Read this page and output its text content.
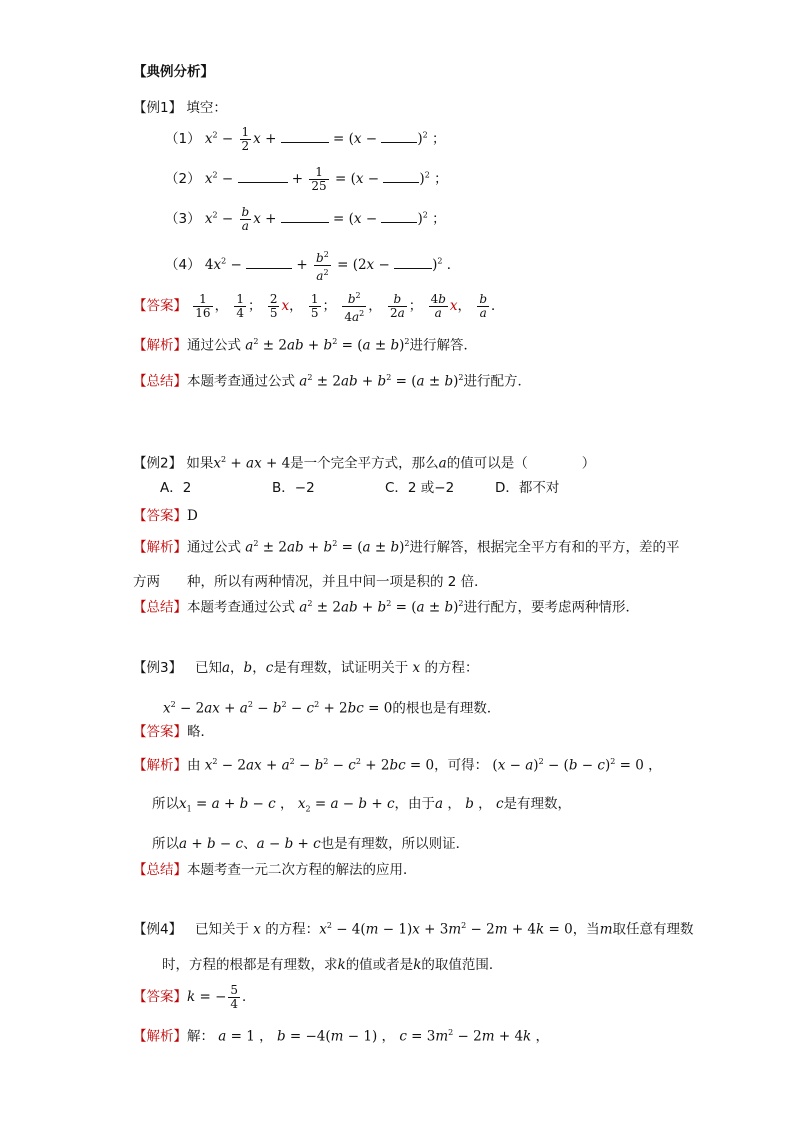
【典例分析】
【例1】 填空：
（1） $x^2 - \frac{1}{2}$ x +	= (x −	)$^2$ ；
（2） $x^2$ −	+ $\frac{1}{25} = (x$ −	)$^2$ ；
（3） $x^2 - \frac{b}{a}$ x +	= (x −	)$^2$ ；
（4） $4x^2$ −	+ $\frac{b^2}{a^2} = (2x$ −	)$^2$ ．
【答案】 $\frac{1}{16}$ ， $\frac{1}{4}$ ； $\frac{2}{5}$ x， $\frac{1}{5}$ ； $\frac{b^2}{4a^2}$ ， $\frac{b}{2a}$ ； $\frac{4b}{a}$ x， $\frac{b}{a}$ ．
【解析】通过公式 $a^2 \pm 2ab + b^2 = (a \pm b)^2$进行解答．
【总结】本题考查通过公式 $a^2 \pm 2ab + b^2 = (a \pm b)^2$进行配方．
【例2】 如果$x^2$ + ax + 4是一个完全平方式，那么a的值可以是（　　　　）
A．2	B．−2	C．2 或−2	D．都不对
【答案】D
【解析】通过公式 $a^2 \pm 2ab + b^2 = (a \pm b)^2$进行解答，根据完全平方有和的平方，差的平
方两　　种，所以有两种情况，并且中间一项是积的 2 倍．
【总结】本题考查通过公式 $a^2 \pm 2ab + b^2 = (a \pm b)^2$进行配方，要考虑两种情形．
【例3】 已知a，b，c是有理数，试证明关于 x 的方程：
$x^2 - 2ax + a^2 - b^2 - c^2 + 2bc = 0$的根也是有理数．
【答案】略．
【解析】由 $x^2 - 2ax + a^2 - b^2 - c^2 + 2bc = 0$，可得： $(x - a)^2 - (b - c)^2 = 0$ ，
所以$x_1 = a + b - c$ ， $x_2 = a - b + c$，由于a ， b ， c是有理数，
所以a + b − c、a − b + c也是有理数，所以则证．
【总结】本题考查一元二次方程的解法的应用．
【例4】 已知关于 x 的方程：$x^2 - 4(m - 1)x + 3m^2 - 2m + 4k = 0$，当m取任意有理数
时，方程的根都是有理数，求k的值或者是k的取值范围．
【答案】k = − $\frac{5}{4}$ ．
【解析】解： a = 1 ， b = −4(m − 1) ， $c = 3m^2 - 2m + 4k$ ，
